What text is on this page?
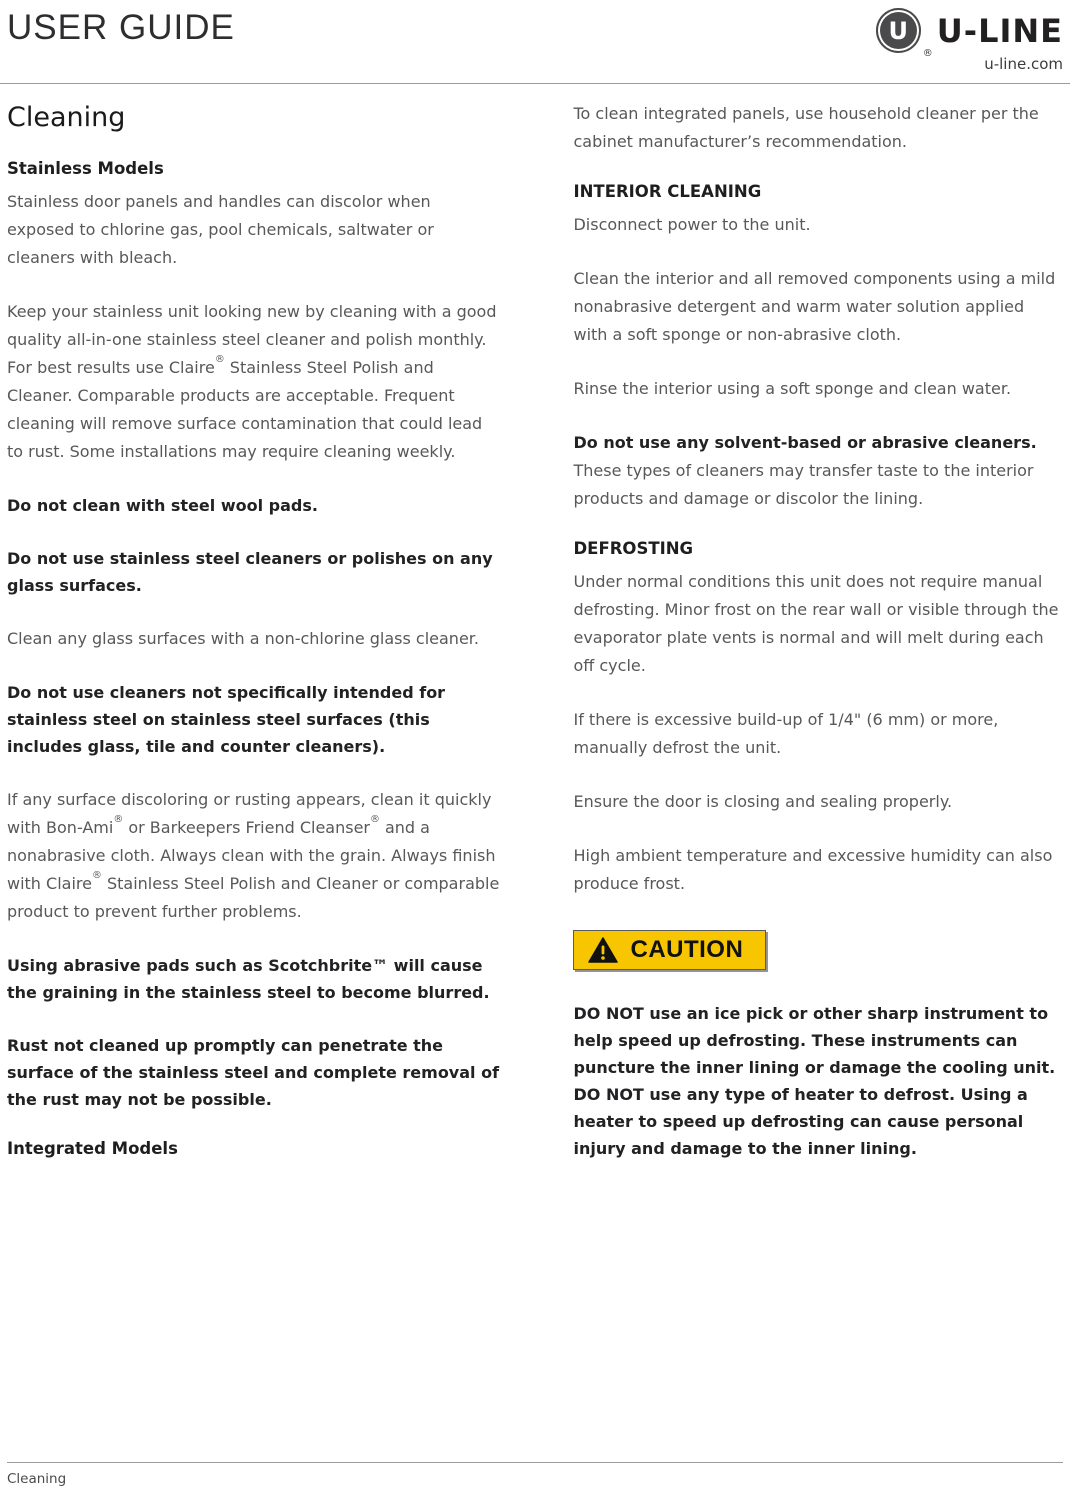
USER GUIDE	U
®
U-LINE
u-line.com
Cleaning
Stainless Models

Stainless door panels and handles can discolor when exposed to chlorine gas, pool chemicals, saltwater or cleaners with bleach.

Keep your stainless unit looking new by cleaning with a good quality all-in-one stainless steel cleaner and polish monthly. For best results use Claire® Stainless Steel Polish and Cleaner. Comparable products are acceptable. Frequent cleaning will remove surface contamination that could lead to rust. Some installations may require cleaning weekly.

Do not clean with steel wool pads.

Do not use stainless steel cleaners or polishes on any glass surfaces.

Clean any glass surfaces with a non-chlorine glass cleaner.

Do not use cleaners not specifically intended for stainless steel on stainless steel surfaces (this includes glass, tile and counter cleaners).

If any surface discoloring or rusting appears, clean it quickly with Bon-Ami® or Barkeepers Friend Cleanser® and a nonabrasive cloth. Always clean with the grain. Always finish with Claire® Stainless Steel Polish and Cleaner or comparable product to prevent further problems.

Using abrasive pads such as Scotchbrite™ will cause the graining in the stainless steel to become blurred.

Rust not cleaned up promptly can penetrate the surface of the stainless steel and complete removal of the rust may not be possible.

Integrated Models

To clean integrated panels, use household cleaner per the cabinet manufacturer’s recommendation.

INTERIOR CLEANING

Disconnect power to the unit.

Clean the interior and all removed components using a mild nonabrasive detergent and warm water solution applied with a soft sponge or non-abrasive cloth.

Rinse the interior using a soft sponge and clean water.

Do not use any solvent-based or abrasive cleaners. These types of cleaners may transfer taste to the interior products and damage or discolor the lining.

DEFROSTING

Under normal conditions this unit does not require manual defrosting. Minor frost on the rear wall or visible through the evaporator plate vents is normal and will melt during each off cycle.

If there is excessive build-up of 1/4" (6 mm) or more, manually defrost the unit.

Ensure the door is closing and sealing properly.

High ambient temperature and excessive humidity can also produce frost.

CAUTION

DO NOT use an ice pick or other sharp instrument to help speed up defrosting. These instruments can puncture the inner lining or damage the cooling unit. DO NOT use any type of heater to defrost. Using a heater to speed up defrosting can cause personal injury and damage to the inner lining.

Cleaning
